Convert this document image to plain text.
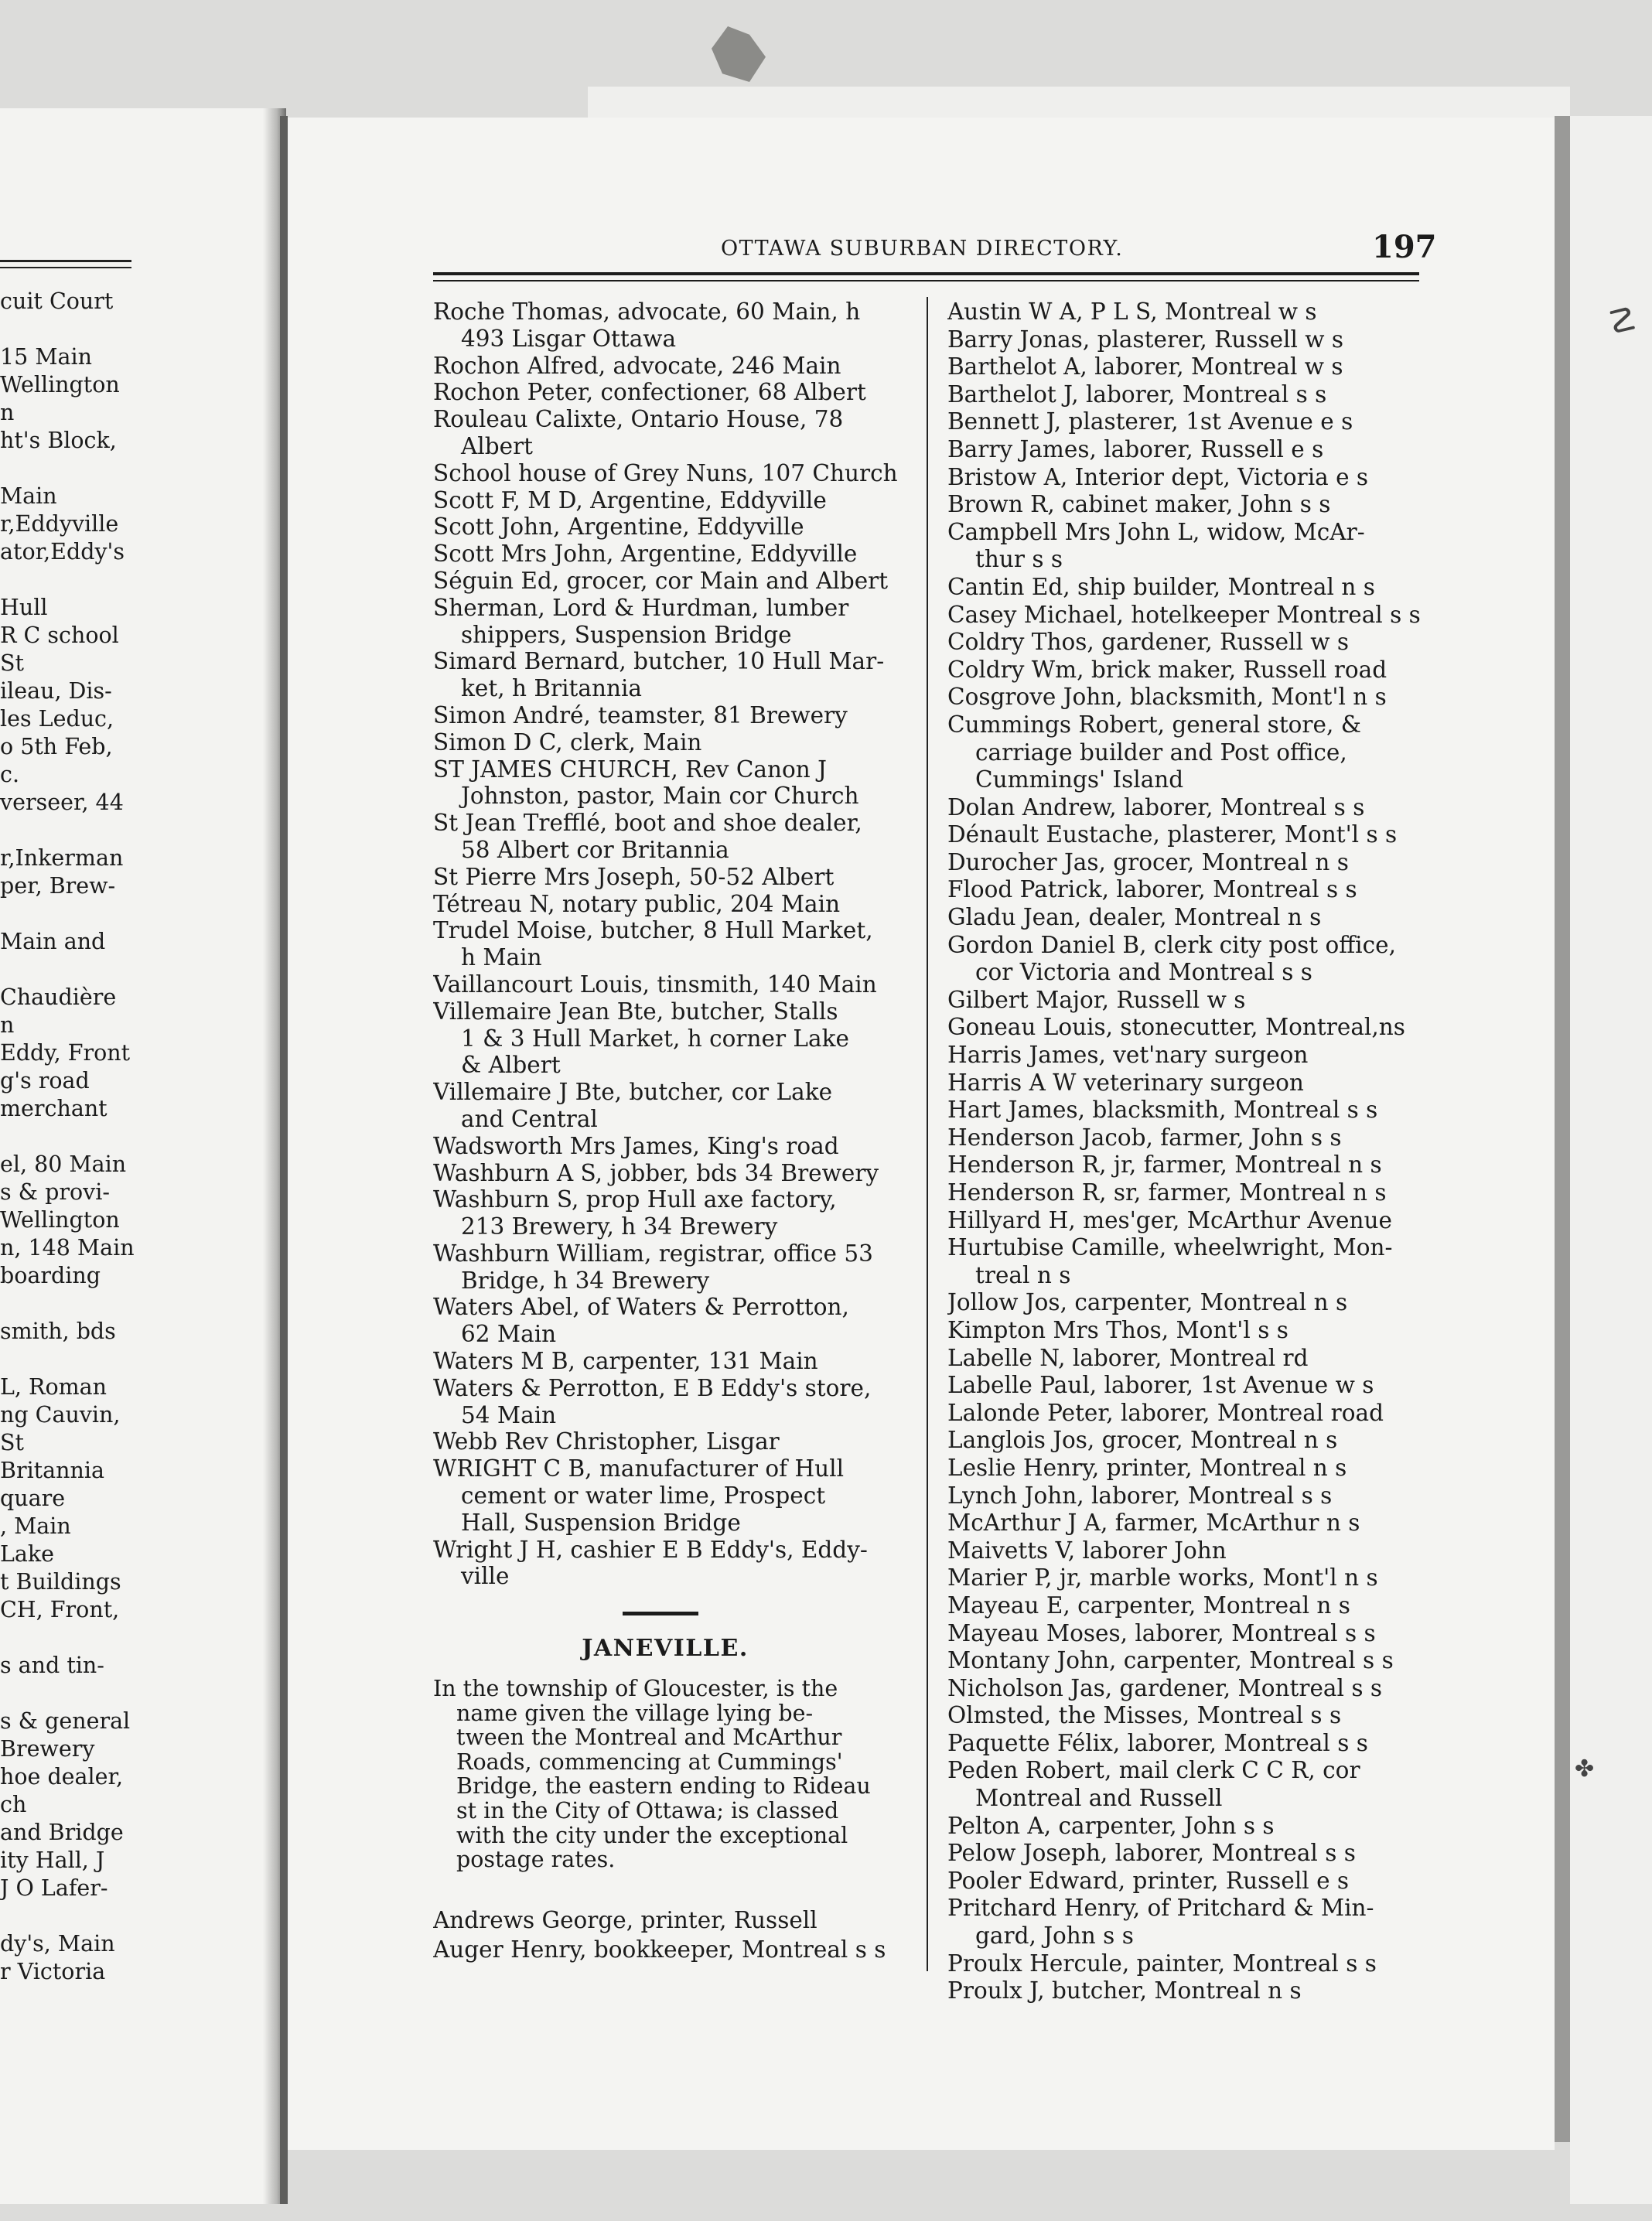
☡
✤
cuit Court
15 Main
Wellington
n
ht's Block,
Main
r,Eddyville
ator,Eddy's
Hull
R C school
St
ileau, Dis-
les Leduc,
o 5th Feb,
c.
verseer, 44
r,Inkerman
per, Brew-
Main and
Chaudière
n
Eddy, Front
g's road
merchant
el, 80 Main
s & provi-
Wellington
n, 148 Main
boarding
smith, bds
L, Roman
ng Cauvin,
St
Britannia
quare
, Main
Lake
t Buildings
CH, Front,
s and tin-
s & general
Brewery
hoe dealer,
ch
and Bridge
ity Hall, J
J O Lafer-
dy's, Main
r Victoria
OTTAWA SUBURBAN DIRECTORY.	197
Roche Thomas, advocate, 60 Main, h
493 Lisgar Ottawa
Rochon Alfred, advocate, 246 Main
Rochon Peter, confectioner, 68 Albert
Rouleau Calixte, Ontario House, 78
Albert
School house of Grey Nuns, 107 Church
Scott F, M D, Argentine, Eddyville
Scott John, Argentine, Eddyville
Scott Mrs John, Argentine, Eddyville
Séguin Ed, grocer, cor Main and Albert
Sherman, Lord & Hurdman, lumber
shippers, Suspension Bridge
Simard Bernard, butcher, 10 Hull Mar-
ket, h Britannia
Simon André, teamster, 81 Brewery
Simon D C, clerk, Main
ST JAMES CHURCH, Rev Canon J
Johnston, pastor, Main cor Church
St Jean Trefflé, boot and shoe dealer,
58 Albert cor Britannia
St Pierre Mrs Joseph, 50-52 Albert
Tétreau N, notary public, 204 Main
Trudel Moise, butcher, 8 Hull Market,
h Main
Vaillancourt Louis, tinsmith, 140 Main
Villemaire Jean Bte, butcher, Stalls
1 & 3 Hull Market, h corner Lake
& Albert
Villemaire J Bte, butcher, cor Lake
and Central
Wadsworth Mrs James, King's road
Washburn A S, jobber, bds 34 Brewery
Washburn S, prop Hull axe factory,
213 Brewery, h 34 Brewery
Washburn William, registrar, office 53
Bridge, h 34 Brewery
Waters Abel, of Waters & Perrotton,
62 Main
Waters M B, carpenter, 131 Main
Waters & Perrotton, E B Eddy's store,
54 Main
Webb Rev Christopher, Lisgar
WRIGHT C B, manufacturer of Hull
cement or water lime, Prospect
Hall, Suspension Bridge
Wright J H, cashier E B Eddy's, Eddy-
ville
JANEVILLE.
In the township of Gloucester, is the
name given the village lying be-
tween the Montreal and McArthur
Roads, commencing at Cummings'
Bridge, the eastern ending to Rideau
st in the City of Ottawa; is classed
with the city under the exceptional
postage rates.
Andrews George, printer, Russell
Auger Henry, bookkeeper, Montreal s s
Austin W A, P L S, Montreal w s
Barry Jonas, plasterer, Russell w s
Barthelot A, laborer, Montreal w s
Barthelot J, laborer, Montreal s s
Bennett J, plasterer, 1st Avenue e s
Barry James, laborer, Russell e s
Bristow A, Interior dept, Victoria e s
Brown R, cabinet maker, John s s
Campbell Mrs John L, widow, McAr-
thur s s
Cantin Ed, ship builder, Montreal n s
Casey Michael, hotelkeeper Montreal s s
Coldry Thos, gardener, Russell w s
Coldry Wm, brick maker, Russell road
Cosgrove John, blacksmith, Mont'l n s
Cummings Robert, general store, &
carriage builder and Post office,
Cummings' Island
Dolan Andrew, laborer, Montreal s s
Dénault Eustache, plasterer, Mont'l s s
Durocher Jas, grocer, Montreal n s
Flood Patrick, laborer, Montreal s s
Gladu Jean, dealer, Montreal n s
Gordon Daniel B, clerk city post office,
cor Victoria and Montreal s s
Gilbert Major, Russell w s
Goneau Louis, stonecutter, Montreal,ns
Harris James, vet'nary surgeon
Harris A W veterinary surgeon
Hart James, blacksmith, Montreal s s
Henderson Jacob, farmer, John s s
Henderson R, jr, farmer, Montreal n s
Henderson R, sr, farmer, Montreal n s
Hillyard H, mes'ger, McArthur Avenue
Hurtubise Camille, wheelwright, Mon-
treal n s
Jollow Jos, carpenter, Montreal n s
Kimpton Mrs Thos, Mont'l s s
Labelle N, laborer, Montreal rd
Labelle Paul, laborer, 1st Avenue w s
Lalonde Peter, laborer, Montreal road
Langlois Jos, grocer, Montreal n s
Leslie Henry, printer, Montreal n s
Lynch John, laborer, Montreal s s
McArthur J A, farmer, McArthur n s
Maivetts V, laborer John
Marier P, jr, marble works, Mont'l n s
Mayeau E, carpenter, Montreal n s
Mayeau Moses, laborer, Montreal s s
Montany John, carpenter, Montreal s s
Nicholson Jas, gardener, Montreal s s
Olmsted, the Misses, Montreal s s
Paquette Félix, laborer, Montreal s s
Peden Robert, mail clerk C C R, cor
Montreal and Russell
Pelton A, carpenter, John s s
Pelow Joseph, laborer, Montreal s s
Pooler Edward, printer, Russell e s
Pritchard Henry, of Pritchard & Min-
gard, John s s
Proulx Hercule, painter, Montreal s s
Proulx J, butcher, Montreal n s
